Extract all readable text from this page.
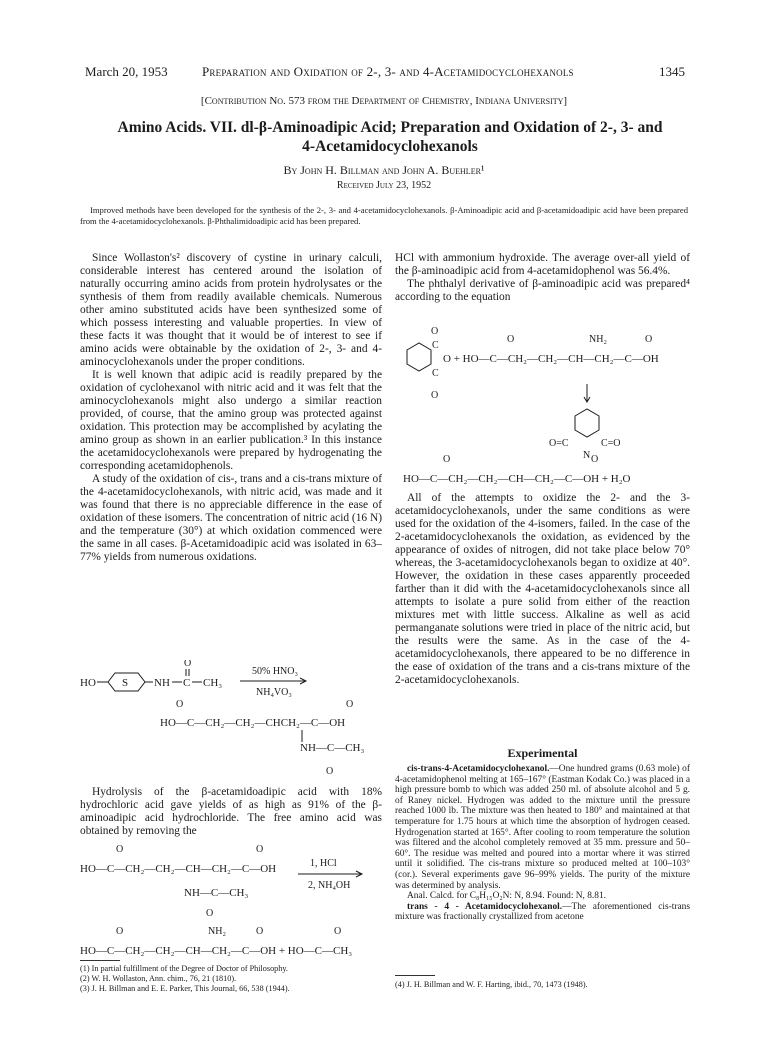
March 20, 1953	Preparation and Oxidation of 2-, 3- and 4-Acetamidocyclohexanols	1345
[Contribution No. 573 from the Department of Chemistry, Indiana University]
Amino Acids. VII. dl-β-Aminoadipic Acid; Preparation and Oxidation of 2-, 3- and
4-Acetamidocyclohexanols
By John H. Billman and John A. Buehler¹
Received July 23, 1952
Improved methods have been developed for the synthesis of the 2-, 3- and 4-acetamidocyclohexanols. β-Aminoadipic acid and β-acetamidoadipic acid have been prepared from the 4-acetamidocyclohexanols. β-Phthalimidoadipic acid has been prepared.

Since Wollaston's² discovery of cystine in urinary calculi, considerable interest has centered around the isolation of naturally occurring amino acids from protein hydrolysates or the synthesis of them from readily available chemicals. Numerous other amino substituted acids have been synthesized some of which possess interesting and valuable properties. In view of these facts it was thought that it would be of interest to see if amino acids were obtainable by the oxidation of 2-, 3- and 4-aminocyclohexanols under the proper conditions.

It is well known that adipic acid is readily prepared by the oxidation of cyclohexanol with nitric acid and it was felt that the aminocyclohexanols might also undergo a similar reaction provided, of course, that the amino group was protected against oxidation. This protection may be accomplished by acylating the amino group as shown in an earlier publication.³ In this instance the acetamidocyclohexanols were prepared by hydrogenating the corresponding acetamidophenols.

A study of the oxidation of cis-, trans and a cis-trans mixture of the 4-acetamidocyclohexanols, with nitric acid, was made and it was found that there is no appreciable difference in the ease of oxidation of these isomers. The concentration of nitric acid (16 N) and the temperature (30°) at which oxidation commenced were the same in all cases. β-Acetamidoadipic acid was isolated in 63–77% yields from numerous oxidations.

HO S NH C
O
CH₃
50% HNO₃
NH₄VO₃
O	O
HO—C—CH₂—CH₂—CHCH₂—C—OH
NH—C—CH₃
O

Hydrolysis of the β-acetamidoadipic acid with 18% hydrochloric acid gave yields of as high as 91% of the β-aminoadipic acid hydrochloride. The free amino acid was obtained by removing the

O	O
HO—C—CH₂—CH₂—CH—CH₂—C—OH	1, HCl
2, NH₄OH
NH—C—CH₃
O
O	NH₂	O	O
HO—C—CH₂—CH₂—CH—CH₂—C—OH + HO—C—CH₃
(1) In partial fulfillment of the Degree of Doctor of Philosophy.
(2) W. H. Wollaston, Ann. chim., 76, 21 (1810).
(3) J. H. Billman and E. E. Parker, This Journal, 66, 538 (1944).

HCl with ammonium hydroxide. The average over-all yield of the β-aminoadipic acid from 4-acetamidophenol was 56.4%.

The phthalyl derivative of β-aminoadipic acid was prepared⁴ according to the equation

C
C
O
O
O	NH₂	O
O + HO—C—CH₂—CH₂—CH—CH₂—C—OH
O=C	C=O
N
O	O
HO—C—CH₂—CH₂—CH—CH₂—C—OH + H₂O

All of the attempts to oxidize the 2- and the 3-acetamidocyclohexanols, under the same conditions as were used for the oxidation of the 4-isomers, failed. In the case of the 2-acetamidocyclohexanols the oxidation, as evidenced by the appearance of oxides of nitrogen, did not take place below 70° whereas, the 3-acetamidocyclohexanols began to oxidize at 40°. However, the oxidation in these cases apparently proceeded farther than it did with the 4-acetamidocyclohexanols since all attempts to isolate a pure solid from either of the reaction mixtures met with little success. Alkaline as well as acid permanganate solutions were tried in place of the nitric acid, but the results were the same. As in the case of the 4-acetamidocyclohexanols, there appeared to be no difference in the ease of oxidation of the trans and a cis-trans mixture of the 2-acetamidocyclohexanols.

Experimental

cis-trans-4-Acetamidocyclohexanol.—One hundred grams (0.63 mole) of 4-acetamidophenol melting at 165–167° (Eastman Kodak Co.) was placed in a high pressure bomb to which was added 250 ml. of absolute alcohol and 5 g. of Raney nickel. Hydrogen was added to the mixture until the pressure reached 1000 lb. The mixture was then heated to 180° and maintained at that temperature for 1.75 hours at which time the absorption of hydrogen ceased. Hydrogenation started at 165°. After cooling to room temperature the solution was filtered and the alcohol completely removed at 35 mm. pressure and 50–60°. The residue was melted and poured into a mortar where it was stirred until it solidified. The cis-trans mixture so produced melted at 100–103° (cor.). Several experiments gave 96–99% yields. The purity of the mixture was determined by analysis.

Anal. Calcd. for C₈H₁₅O₂N: N, 8.94. Found: N, 8.81.

trans - 4 - Acetamidocyclohexanol.—The aforementioned cis-trans mixture was fractionally crystallized from acetone

(4) J. H. Billman and W. F. Harting, ibid., 70, 1473 (1948).
